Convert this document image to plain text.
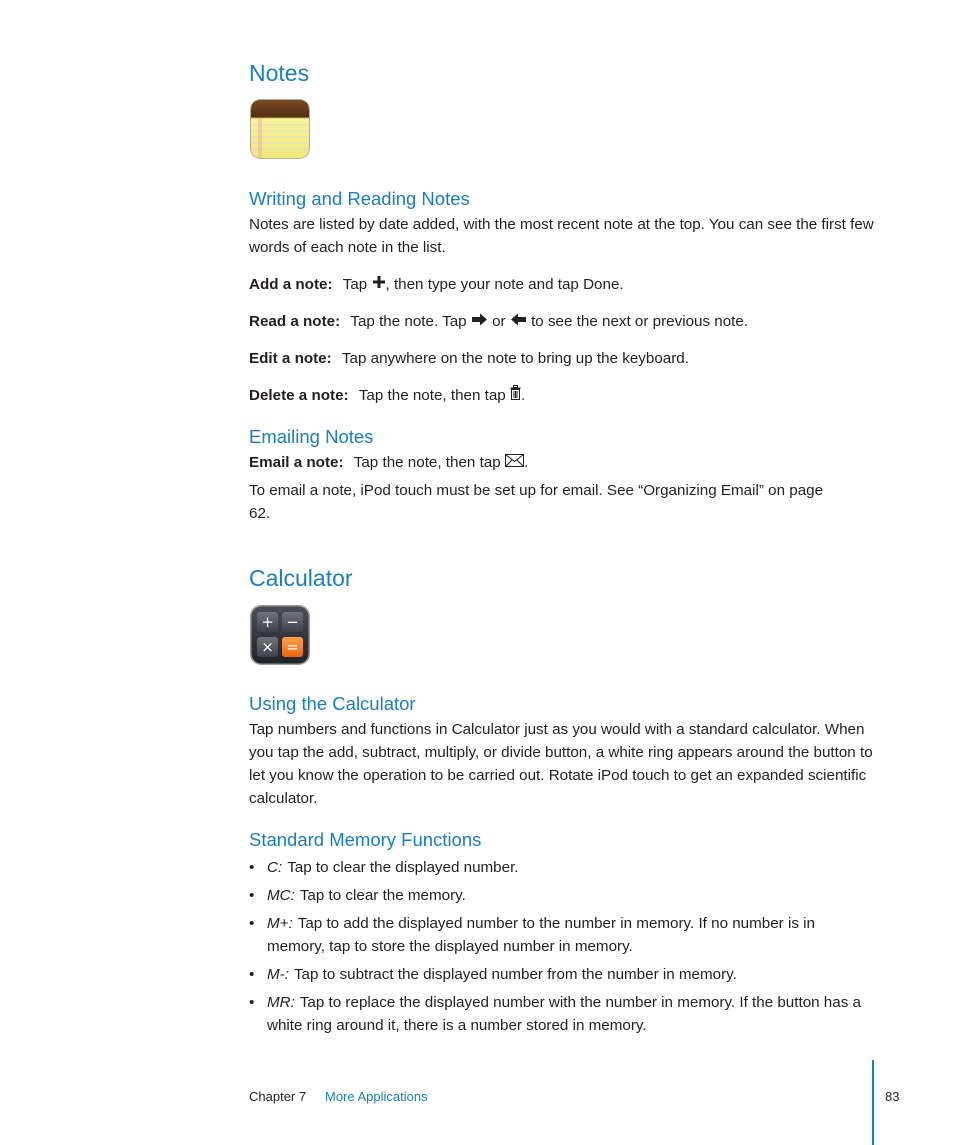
Notes
Writing and Reading Notes

Notes are listed by date added, with the most recent note at the top. You can see the first few words of each note in the list.

Add a note: Tap , then type your note and tap Done.

Read a note: Tap the note. Tap or to see the next or previous note.

Edit a note: Tap anywhere on the note to bring up the keyboard.

Delete a note: Tap the note, then tap .

Emailing Notes

Email a note: Tap the note, then tap .

To email a note, iPod touch must be set up for email. See “Organizing Email” on page 62.

Calculator
+ −
× =
Using the Calculator

Tap numbers and functions in Calculator just as you would with a standard calculator. When you tap the add, subtract, multiply, or divide button, a white ring appears around the button to let you know the operation to be carried out. Rotate iPod touch to get an expanded scientific calculator.

Standard Memory Functions
• C: Tap to clear the displayed number.
• MC: Tap to clear the memory.
• M+: Tap to add the displayed number to the number in memory. If no number is in memory, tap to store the displayed number in memory.
• M-: Tap to subtract the displayed number from the number in memory.
• MR: Tap to replace the displayed number with the number in memory. If the button has a white ring around it, there is a number stored in memory.
Chapter 7 More Applications	83
